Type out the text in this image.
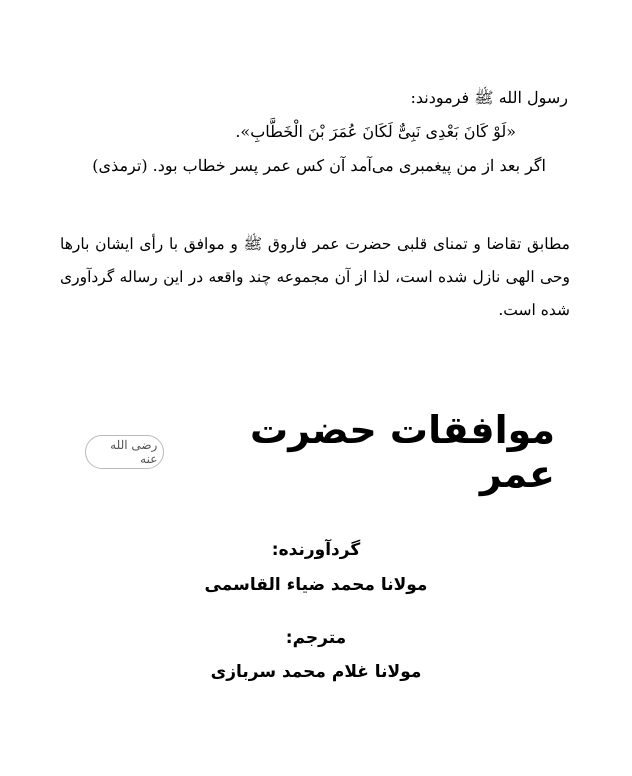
رسول الله ﷺ فرمودند:
«لَوْ كَانَ بَعْدِی نَبِیٌّ لَكَانَ عُمَرَ بْنَ الْخَطَّابِ».
اگر بعد از من پیغمبری می‌آمد آن کس عمر پسر خطاب بود. (ترمذی)
مطابق تقاضا و تمنای قلبی حضرت عمر فاروق ﷺ و موافق با رأی ایشان بارها وحی الهی نازل شده است، لذا از آن مجموعه چند واقعه در این رساله گردآوری شده است.
موافقات حضرت عمر
رضی الله عنه
گردآورنده:
مولانا محمد ضیاء القاسمی
مترجم:
مولانا غلام محمد سربازی
